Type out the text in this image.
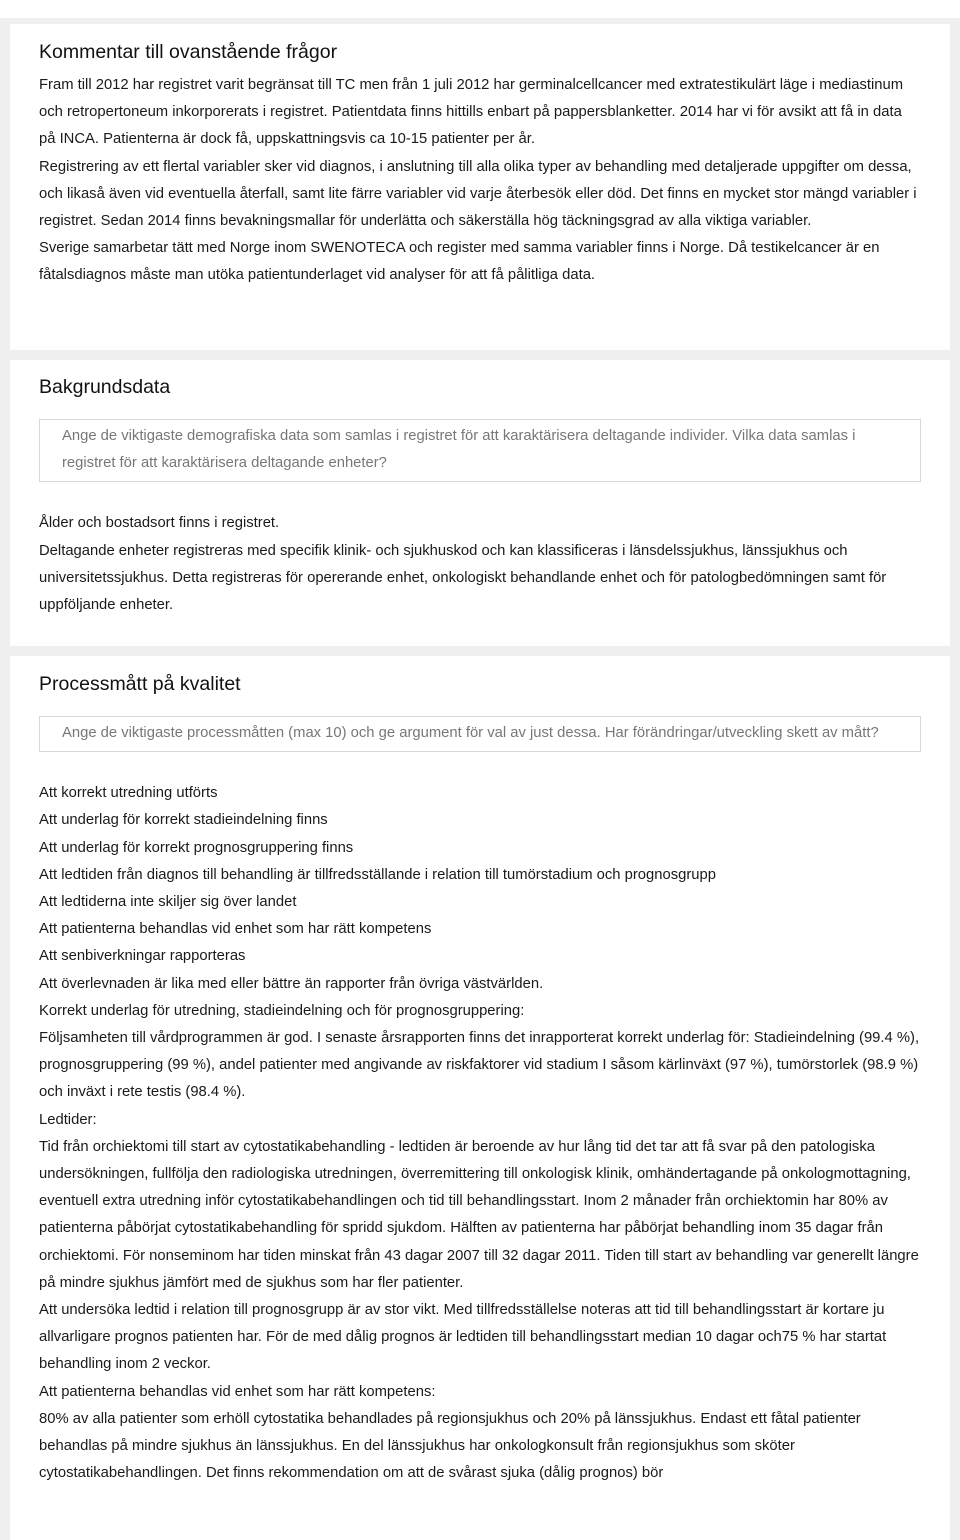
Kommentar till ovanstående frågor
Fram till 2012 har registret varit begränsat till TC men från 1 juli 2012 har germinalcellcancer med extratestikulärt läge i mediastinum och retropertoneum inkorporerats i registret. Patientdata finns hittills enbart på pappersblanketter. 2014 har vi för avsikt att få in data på INCA. Patienterna är dock få, uppskattningsvis ca 10-15 patienter per år.
Registrering av ett flertal variabler sker vid diagnos, i anslutning till alla olika typer av behandling med detaljerade uppgifter om dessa, och likaså även vid eventuella återfall, samt lite färre variabler vid varje återbesök eller död. Det finns en mycket stor mängd variabler i registret. Sedan 2014 finns bevakningsmallar för underlätta och säkerställa hög täckningsgrad av alla viktiga variabler.
Sverige samarbetar tätt med Norge inom SWENOTECA och register med samma variabler finns i Norge. Då testikelcancer är en fåtalsdiagnos måste man utöka patientunderlaget vid analyser för att få pålitliga data.
Bakgrundsdata
Ange de viktigaste demografiska data som samlas i registret för att karaktärisera deltagande individer. Vilka data samlas i registret för att karaktärisera deltagande enheter?

Ålder och bostadsort finns i registret.

Deltagande enheter registreras med specifik klinik- och sjukhuskod och kan klassificeras i länsdelssjukhus, länssjukhus och universitetssjukhus. Detta registreras för opererande enhet, onkologiskt behandlande enhet och för patologbedömningen samt för uppföljande enheter.

Processmått på kvalitet
Ange de viktigaste processmåtten (max 10) och ge argument för val av just dessa. Har förändringar/utveckling skett av mått?

Att korrekt utredning utförts

Att underlag för korrekt stadieindelning finns

Att underlag för korrekt prognosgruppering finns

Att ledtiden från diagnos till behandling är tillfredsställande i relation till tumörstadium och prognosgrupp

Att ledtiderna inte skiljer sig över landet

Att patienterna behandlas vid enhet som har rätt kompetens

Att senbiverkningar rapporteras

Att överlevnaden är lika med eller bättre än rapporter från övriga västvärlden.

Korrekt underlag för utredning, stadieindelning och för prognosgruppering:

Följsamheten till vårdprogrammen är god. I senaste årsrapporten finns det inrapporterat korrekt underlag för: Stadieindelning (99.4 %), prognosgruppering (99 %), andel patienter med angivande av riskfaktorer vid stadium I såsom kärlinväxt (97 %), tumörstorlek (98.9 %) och inväxt i rete testis (98.4 %).

Ledtider:

Tid från orchiektomi till start av cytostatikabehandling - ledtiden är beroende av hur lång tid det tar att få svar på den patologiska undersökningen, fullfölja den radiologiska utredningen, överremittering till onkologisk klinik, omhändertagande på onkologmottagning, eventuell extra utredning inför cytostatikabehandlingen och tid till behandlingsstart. Inom 2 månader från orchiektomin har 80% av patienterna påbörjat cytostatikabehandling för spridd sjukdom. Hälften av patienterna har påbörjat behandling inom 35 dagar från orchiektomi. För nonseminom har tiden minskat från 43 dagar 2007 till 32 dagar 2011. Tiden till start av behandling var generellt längre på mindre sjukhus jämfört med de sjukhus som har fler patienter.

Att undersöka ledtid i relation till prognosgrupp är av stor vikt. Med tillfredsställelse noteras att tid till behandlingsstart är kortare ju allvarligare prognos patienten har. För de med dålig prognos är ledtiden till behandlingsstart median 10 dagar och75 % har startat behandling inom 2 veckor.

Att patienterna behandlas vid enhet som har rätt kompetens:

80% av alla patienter som erhöll cytostatika behandlades på regionsjukhus och 20% på länssjukhus. Endast ett fåtal patienter behandlas på mindre sjukhus än länssjukhus. En del länssjukhus har onkologkonsult från regionsjukhus som sköter cytostatikabehandlingen. Det finns rekommendation om att de svårast sjuka (dålig prognos) bör
